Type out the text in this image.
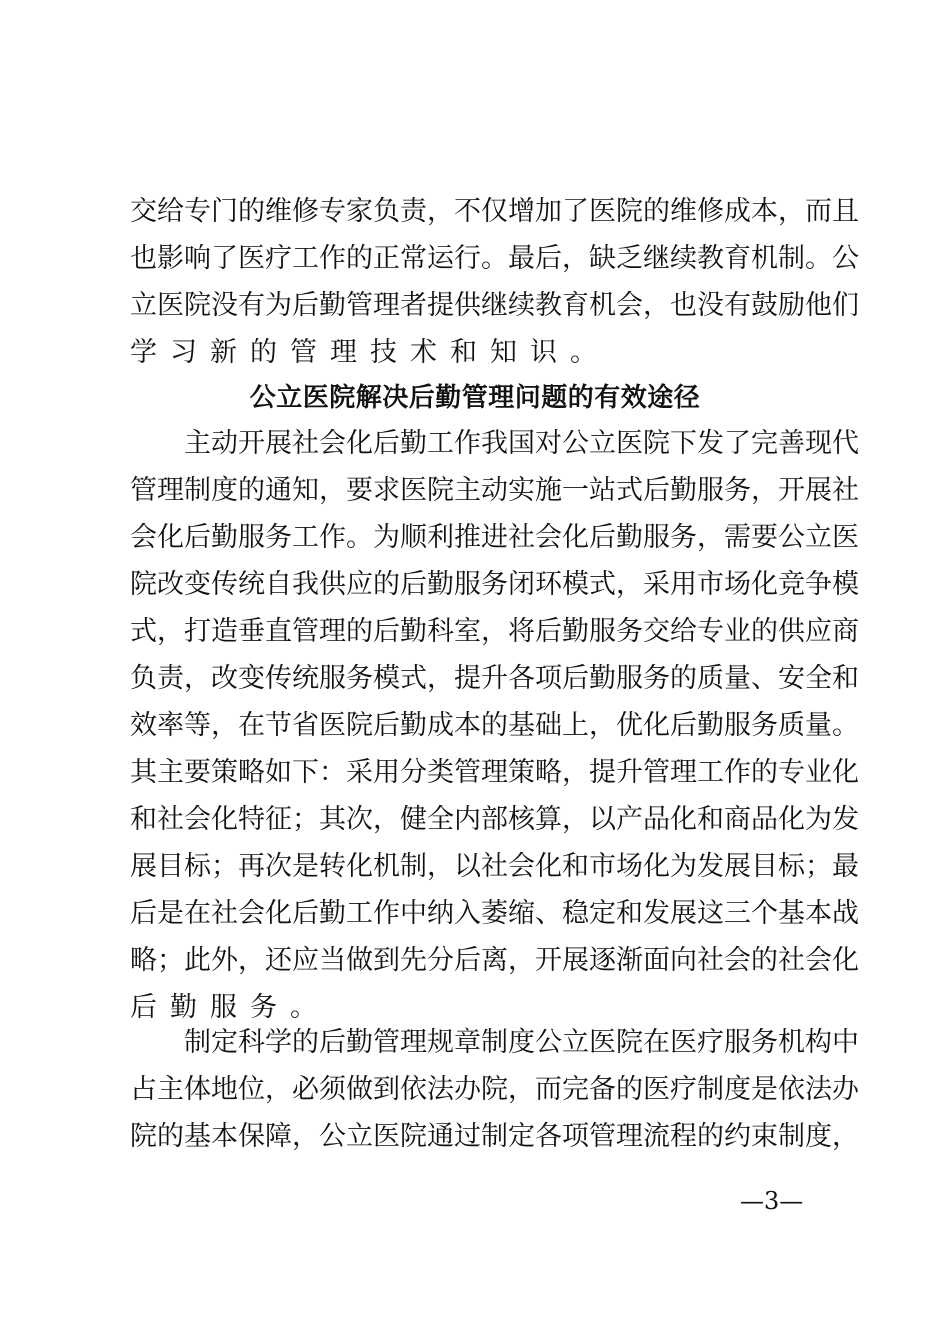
交给专门的维修专家负责，不仅增加了医院的维修成本，而且
也影响了医疗工作的正常运行。最后，缺乏继续教育机制。公
立医院没有为后勤管理者提供继续教育机会，也没有鼓励他们
学习新的管理技术和知识。
公立医院解决后勤管理问题的有效途径
　　主动开展社会化后勤工作我国对公立医院下发了完善现代
管理制度的通知，要求医院主动实施一站式后勤服务，开展社
会化后勤服务工作。为顺利推进社会化后勤服务，需要公立医
院改变传统自我供应的后勤服务闭环模式，采用市场化竞争模
式，打造垂直管理的后勤科室，将后勤服务交给专业的供应商
负责，改变传统服务模式，提升各项后勤服务的质量、安全和
效率等，在节省医院后勤成本的基础上，优化后勤服务质量。
其主要策略如下：采用分类管理策略，提升管理工作的专业化
和社会化特征；其次，健全内部核算，以产品化和商品化为发
展目标；再次是转化机制，以社会化和市场化为发展目标；最
后是在社会化后勤工作中纳入萎缩、稳定和发展这三个基本战
略；此外，还应当做到先分后离，开展逐渐面向社会的社会化
后勤服务。
　　制定科学的后勤管理规章制度公立医院在医疗服务机构中
占主体地位，必须做到依法办院，而完备的医疗制度是依法办
院的基本保障，公立医院通过制定各项管理流程的约束制度，
—3—
